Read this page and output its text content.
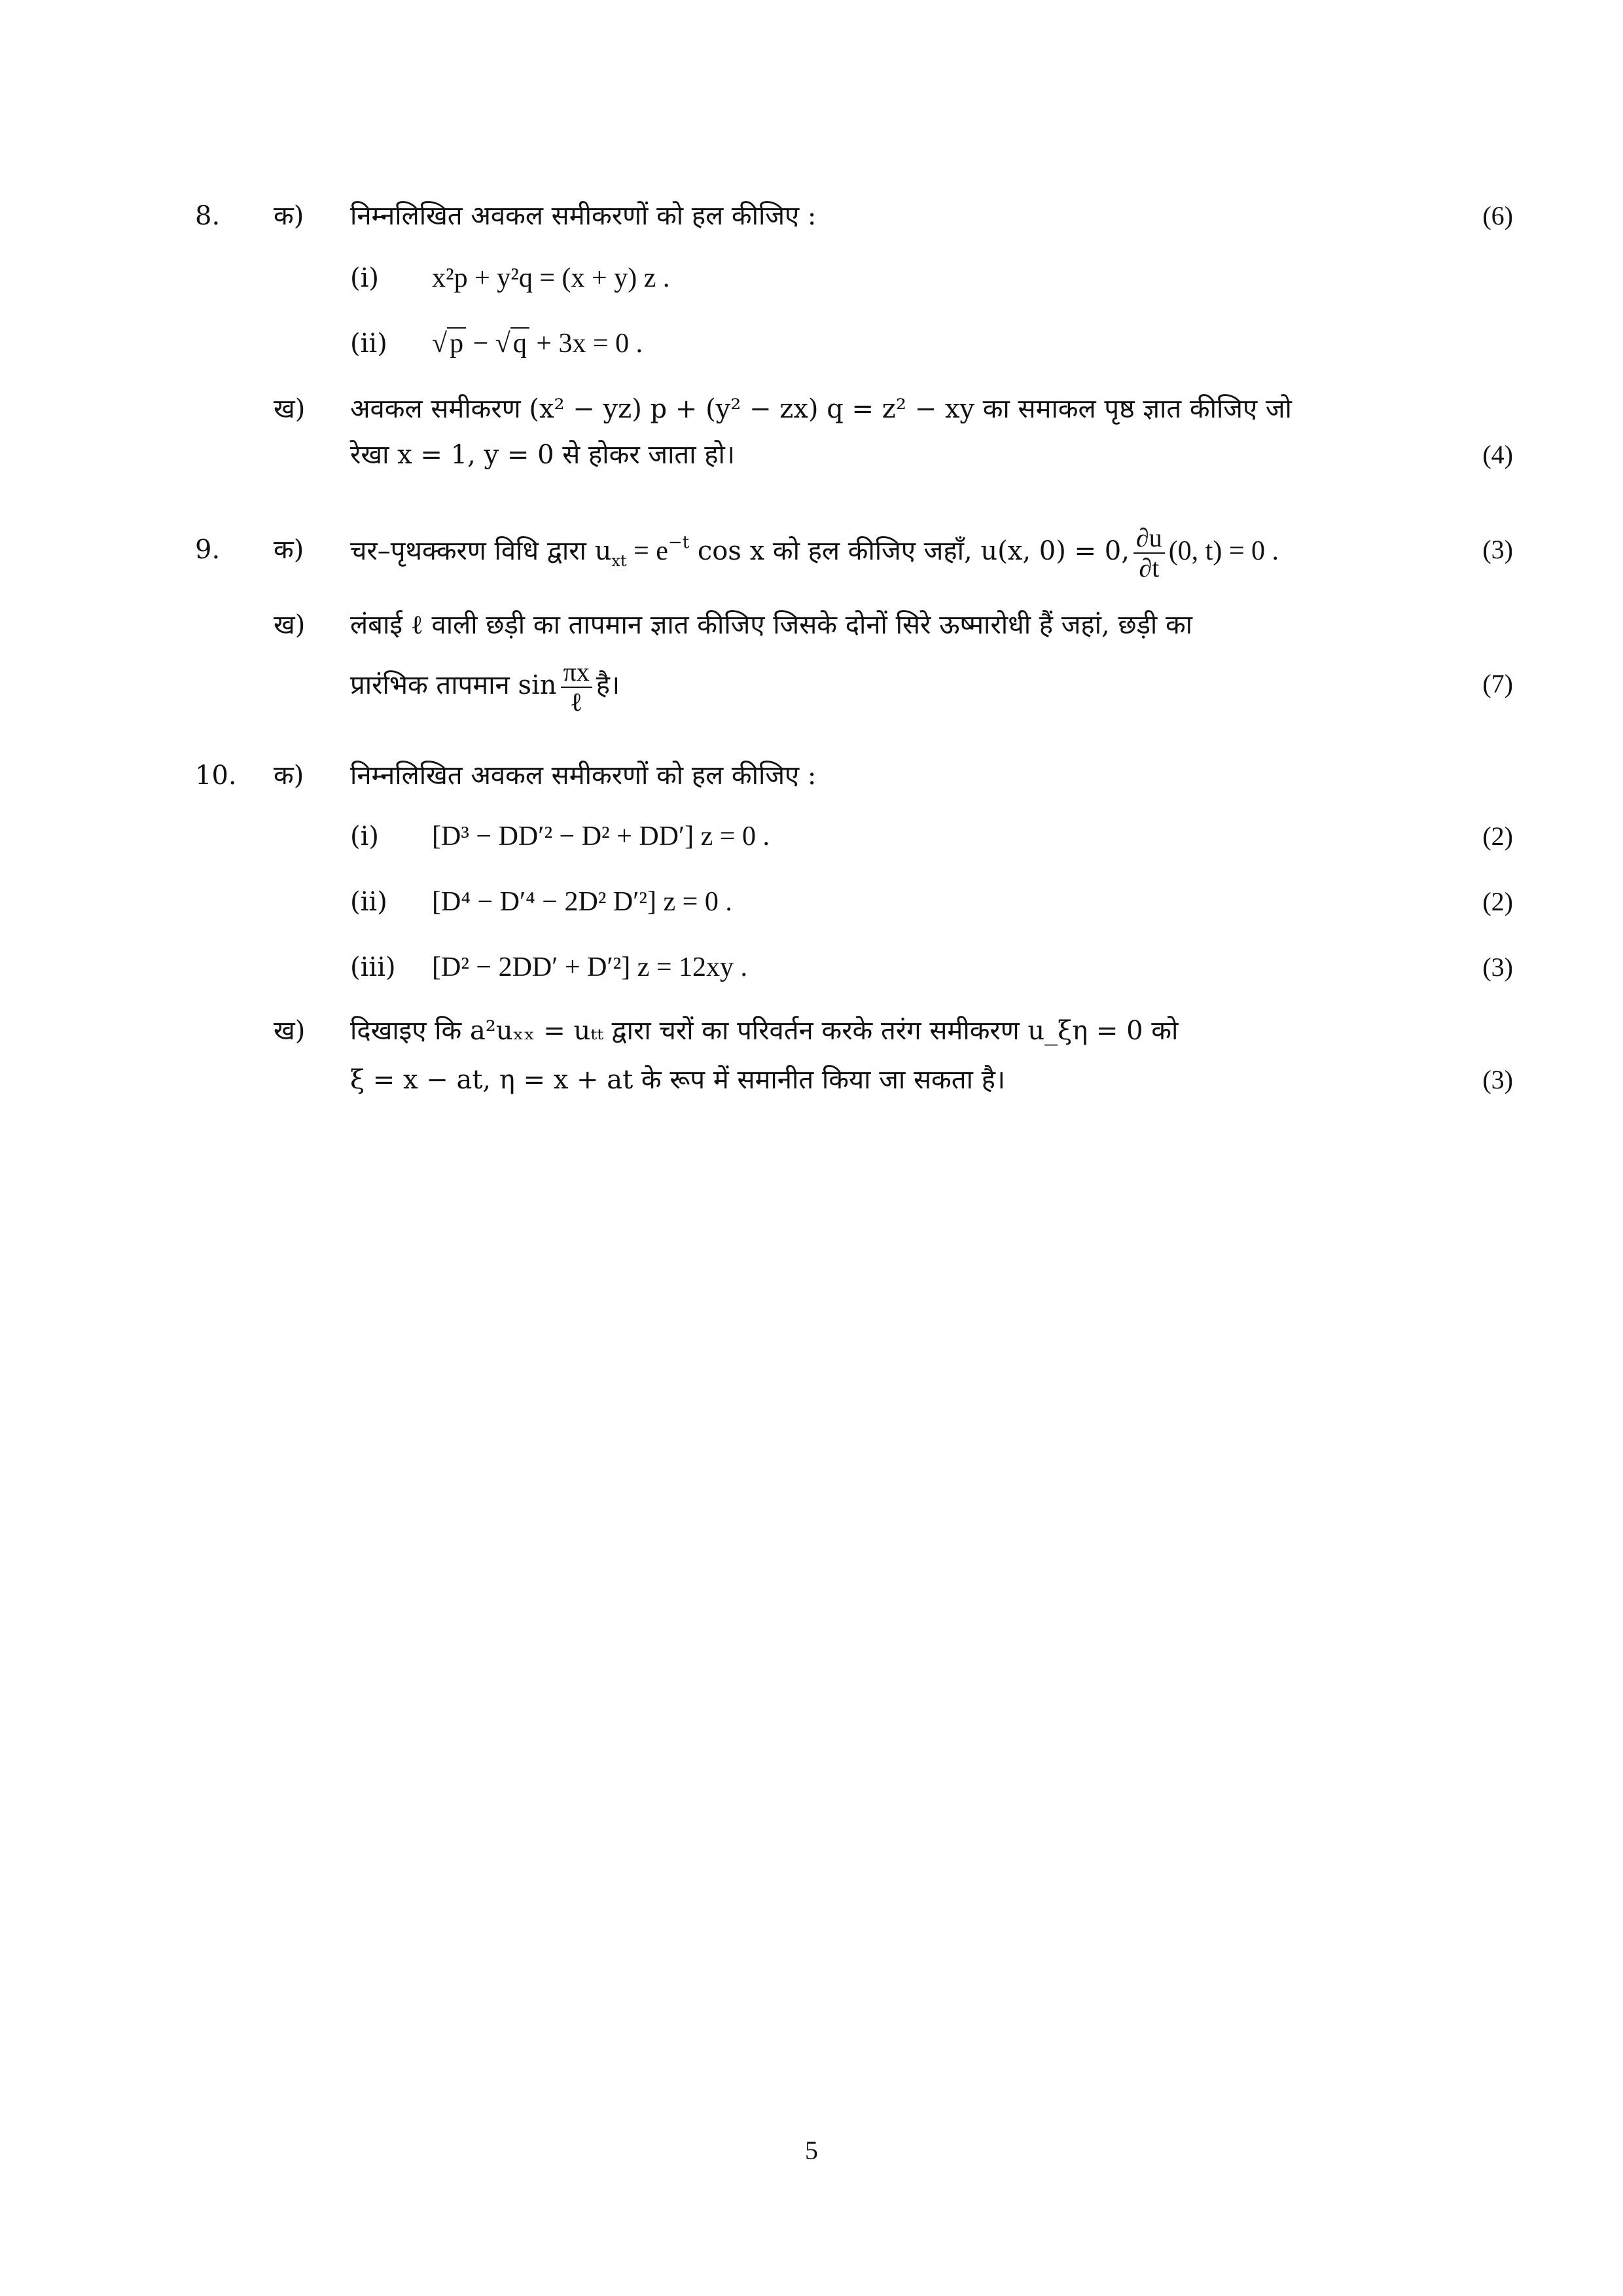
8. क) निम्नलिखित अवकल समीकरणों को हल कीजिए :	(6)
(i) x²p + y²q = (x + y) z .
(ii) √p − √q + 3x = 0 .
ख) अवकल समीकरण (x² − yz) p + (y² − zx) q = z² − xy का समाकल पृष्ठ ज्ञात कीजिए जो
रेखा x = 1, y = 0 से होकर जाता हो।	(4)
9. क) चर–पृथक्करण विधि द्वारा $u_{xt} = e^{-t}$ cos x को हल कीजिए जहाँ, u(x, 0) = 0, $\frac{\partial u}{\partial t} (0$, t) = 0 .	(3)
ख) लंबाई ℓ वाली छड़ी का तापमान ज्ञात कीजिए जिसके दोनों सिरे ऊष्मारोधी हैं जहां, छड़ी का
प्रारंभिक तापमान $\sin \frac{\pi x}{\text{ℓ}}$ है।	(7)
10. क) निम्नलिखित अवकल समीकरणों को हल कीजिए :
(i) [D³ − DD′² − D² + DD′] z = 0 .	(2)
(ii) [D⁴ − D′⁴ − 2D² D′²] z = 0 .	(2)
(iii) [D² − 2DD′ + D′²] z = 12xy .	(3)
ख) दिखाइए कि a²uₓₓ = uₜₜ द्वारा चरों का परिवर्तन करके तरंग समीकरण u_ξη = 0 को
ξ = x − at, η = x + at के रूप में समानीत किया जा सकता है।	(3)
5
